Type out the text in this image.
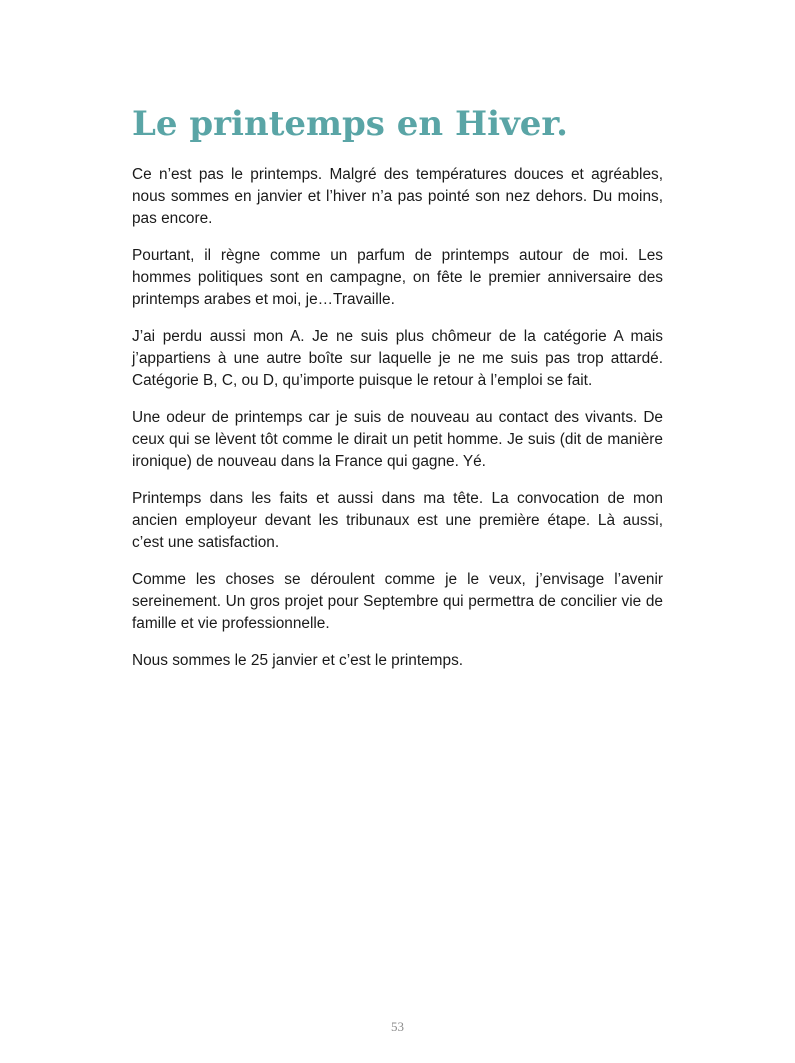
Le printemps en Hiver.

Ce n’est pas le printemps. Malgré des températures douces et agréables, nous sommes en janvier et l’hiver n’a pas pointé son nez dehors. Du moins, pas encore.

Pourtant, il règne comme un parfum de printemps autour de moi. Les hommes politiques sont en campagne, on fête le premier anniversaire des printemps arabes et moi, je…Travaille.

J’ai perdu aussi mon A. Je ne suis plus chômeur de la catégorie A mais j’appartiens à une autre boîte sur laquelle je ne me suis pas trop attardé. Catégorie B, C, ou D, qu’importe puisque le retour à l’emploi se fait.

Une odeur de printemps car je suis de nouveau au contact des vivants. De ceux qui se lèvent tôt comme le dirait un petit homme. Je suis (dit de manière ironique) de nouveau dans la France qui gagne. Yé.

Printemps dans les faits et aussi dans ma tête. La convocation de mon ancien employeur devant les tribunaux est une première étape. Là aussi, c’est une satisfaction.

Comme les choses se déroulent comme je le veux, j’envisage l’avenir sereinement. Un gros projet pour Septembre qui permettra de concilier vie de famille et vie professionnelle.

Nous sommes le 25 janvier et c’est le printemps.

53
